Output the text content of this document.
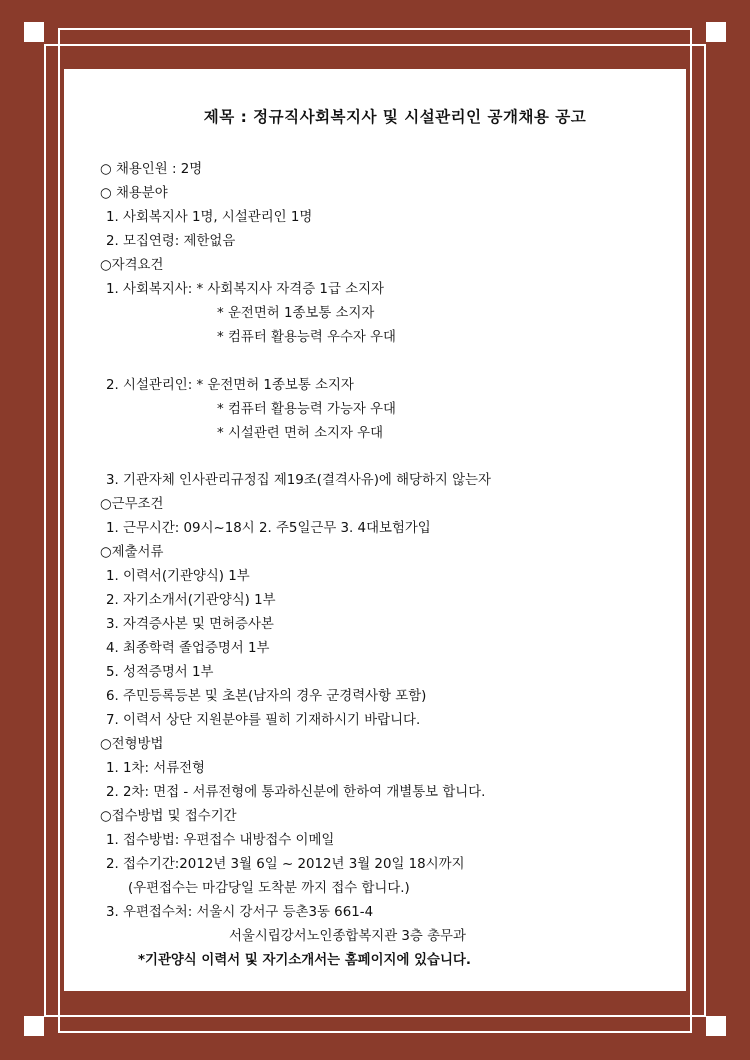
제목 : 정규직사회복지사 및 시설관리인 공개채용 공고
○ 채용인원 : 2명
○ 채용분야
1. 사회복지사 1명, 시설관리인 1명
2. 모집연령: 제한없음
○자격요건
1. 사회복지사: * 사회복지사 자격증 1급 소지자
* 운전면허 1종보통 소지자
* 컴퓨터 활용능력 우수자 우대
2. 시설관리인: * 운전면허 1종보통 소지자
* 컴퓨터 활용능력 가능자 우대
* 시설관련 면허 소지자 우대
3. 기관자체 인사관리규정집 제19조(결격사유)에 해당하지 않는자
○근무조건
1. 근무시간: 09시~18시 2. 주5일근무 3. 4대보험가입
○제출서류
1. 이력서(기관양식) 1부
2. 자기소개서(기관양식) 1부
3. 자격증사본 및 면허증사본
4. 최종학력 졸업증명서 1부
5. 성적증명서 1부
6. 주민등록등본 및 초본(남자의 경우 군경력사항 포함)
7. 이력서 상단 지원분야를 필히 기재하시기 바랍니다.
○전형방법
1. 1차: 서류전형
2. 2차: 면접 - 서류전형에 통과하신분에 한하여 개별통보 합니다.
○접수방법 및 접수기간
1. 접수방법: 우편접수 내방접수 이메일
2. 접수기간:2012년 3월 6일 ~ 2012년 3월 20일 18시까지
(우편접수는 마감당일 도착분 까지 접수 합니다.)
3. 우편접수처: 서울시 강서구 등촌3동 661-4
서울시립강서노인종합복지관 3층 총무과
*기관양식 이력서 및 자기소개서는 홈페이지에 있습니다.
